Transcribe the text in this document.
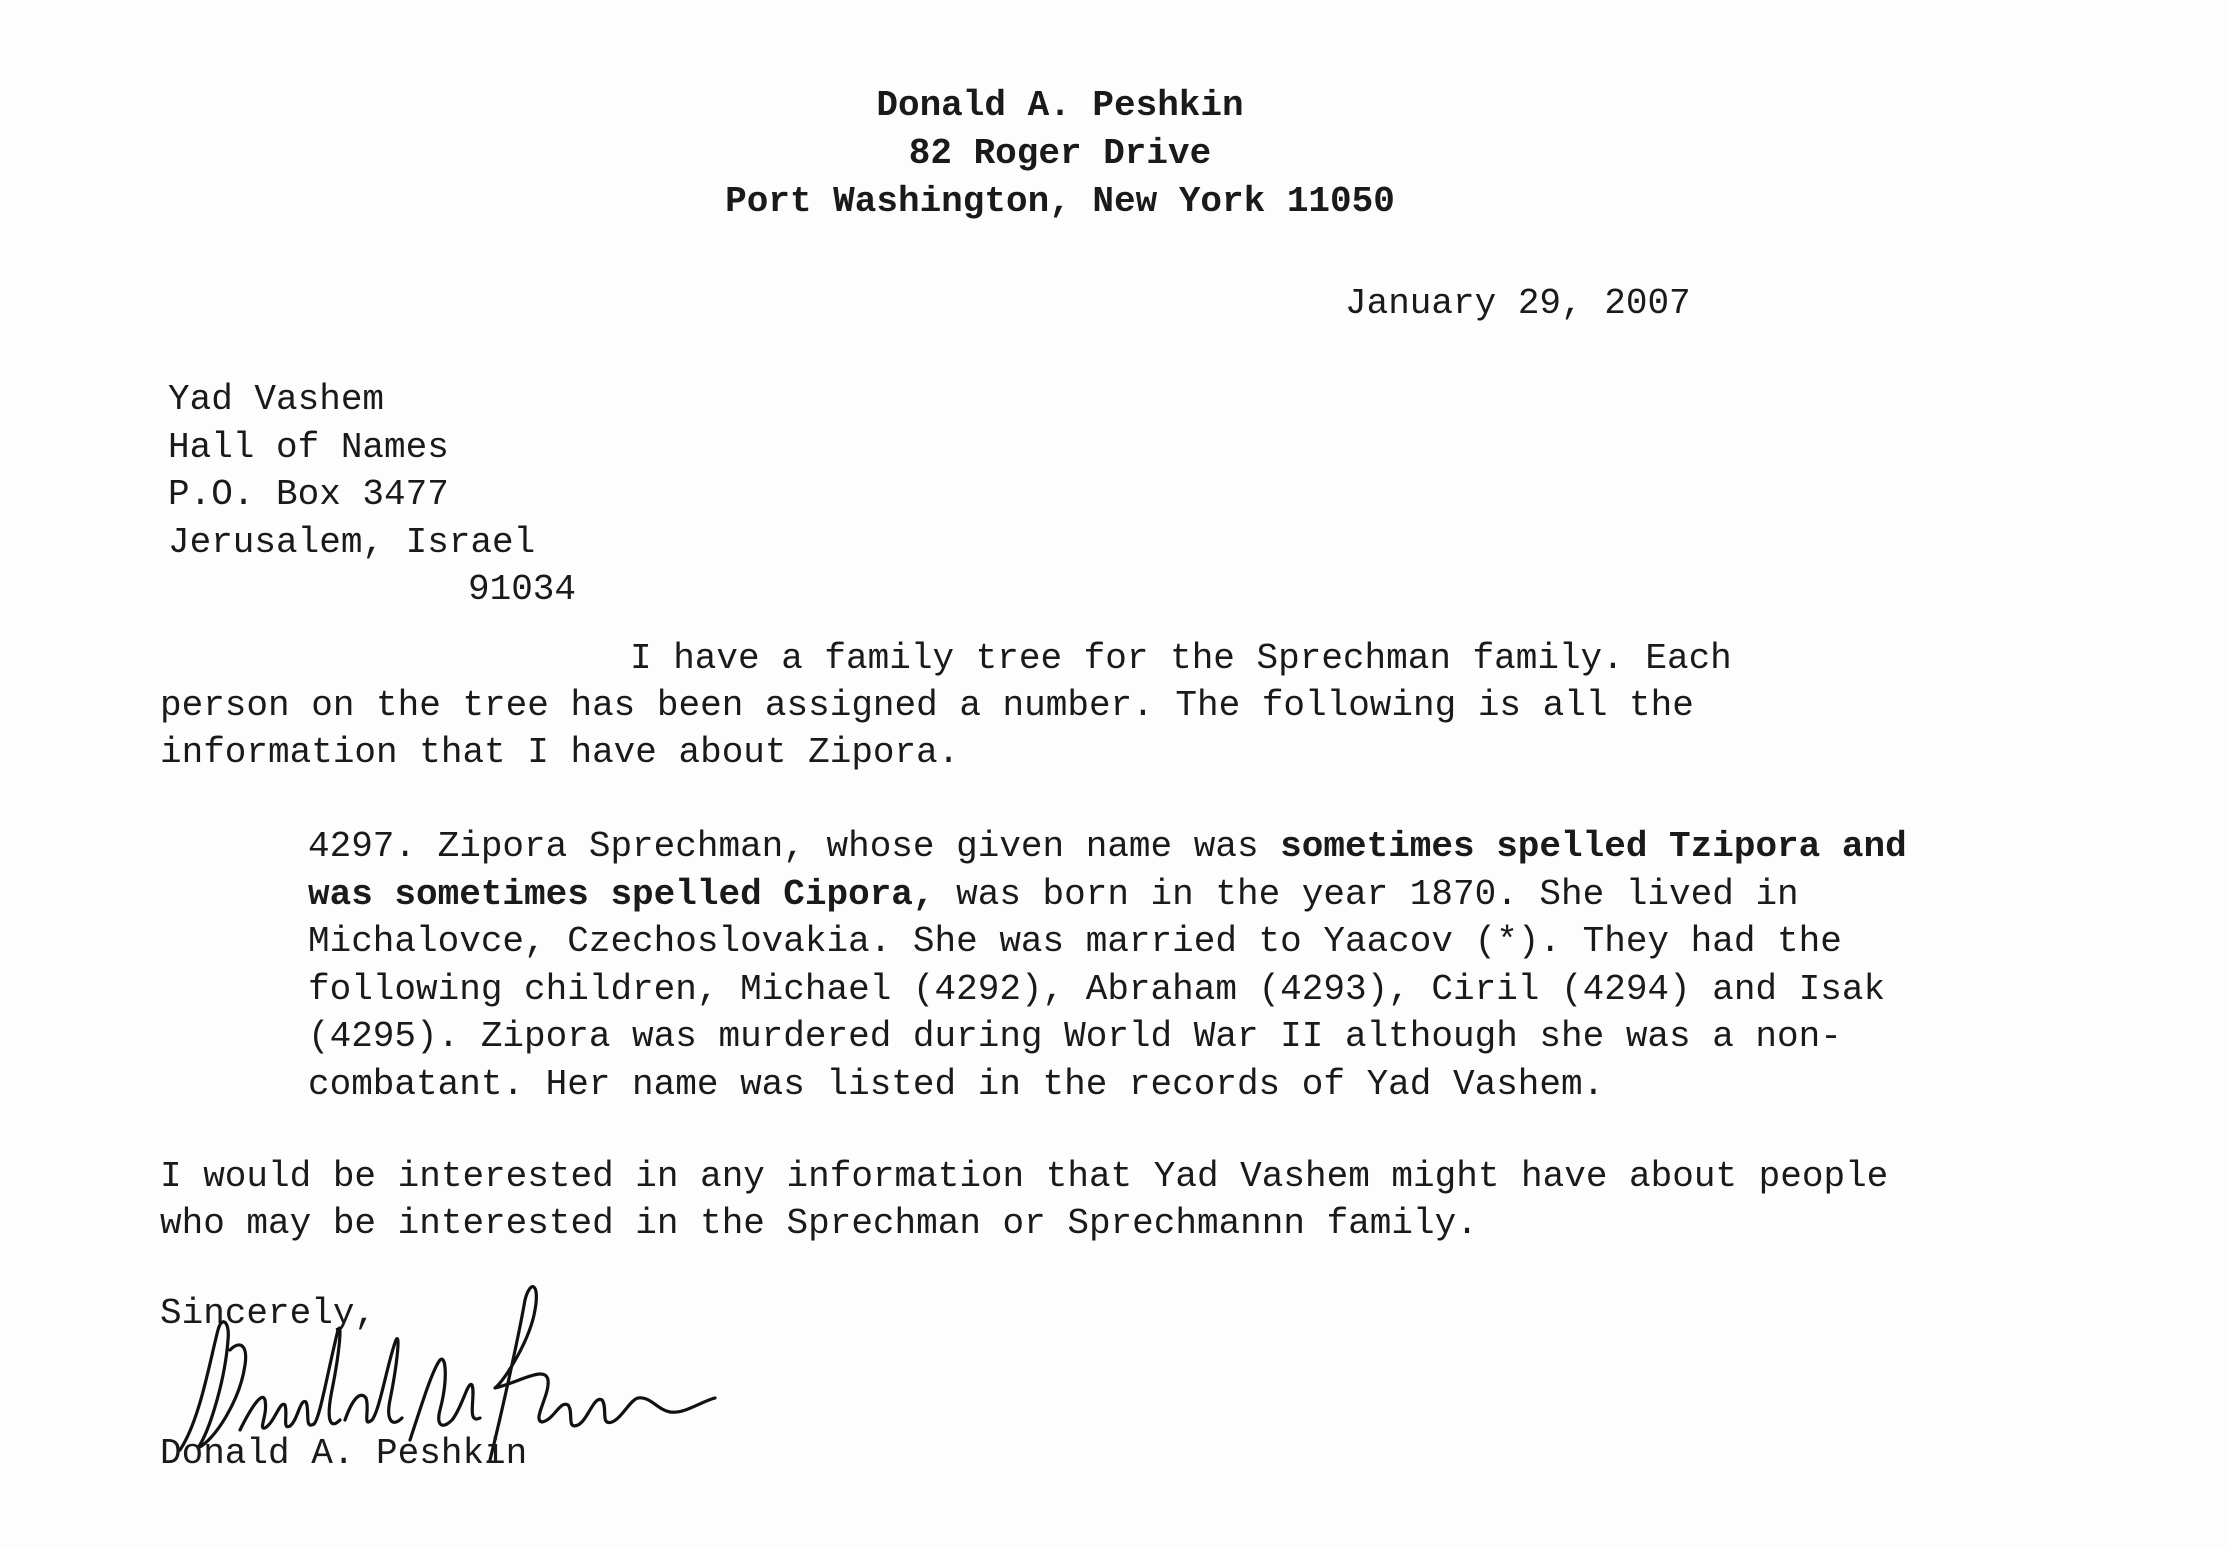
Donald A. Peshkin
82 Roger Drive
Port Washington, New York 11050
January 29, 2007
Yad Vashem
Hall of Names
P.O. Box 3477
Jerusalem, Israel
91034
I have a family tree for the Sprechman family. Each
person on the tree has been assigned a number. The following is all the
information that I have about Zipora.
4297. Zipora Sprechman, whose given name was sometimes spelled Tzipora and
was sometimes spelled Cipora, was born in the year 1870. She lived in
Michalovce, Czechoslovakia. She was married to Yaacov (*). They had the
following children, Michael (4292), Abraham (4293), Ciril (4294) and Isak
(4295). Zipora was murdered during World War II although she was a non-
combatant. Her name was listed in the records of Yad Vashem.
I would be interested in any information that Yad Vashem might have about people
who may be interested in the Sprechman or Sprechmannn family.
Sincerely,
Donald A. Peshkin
